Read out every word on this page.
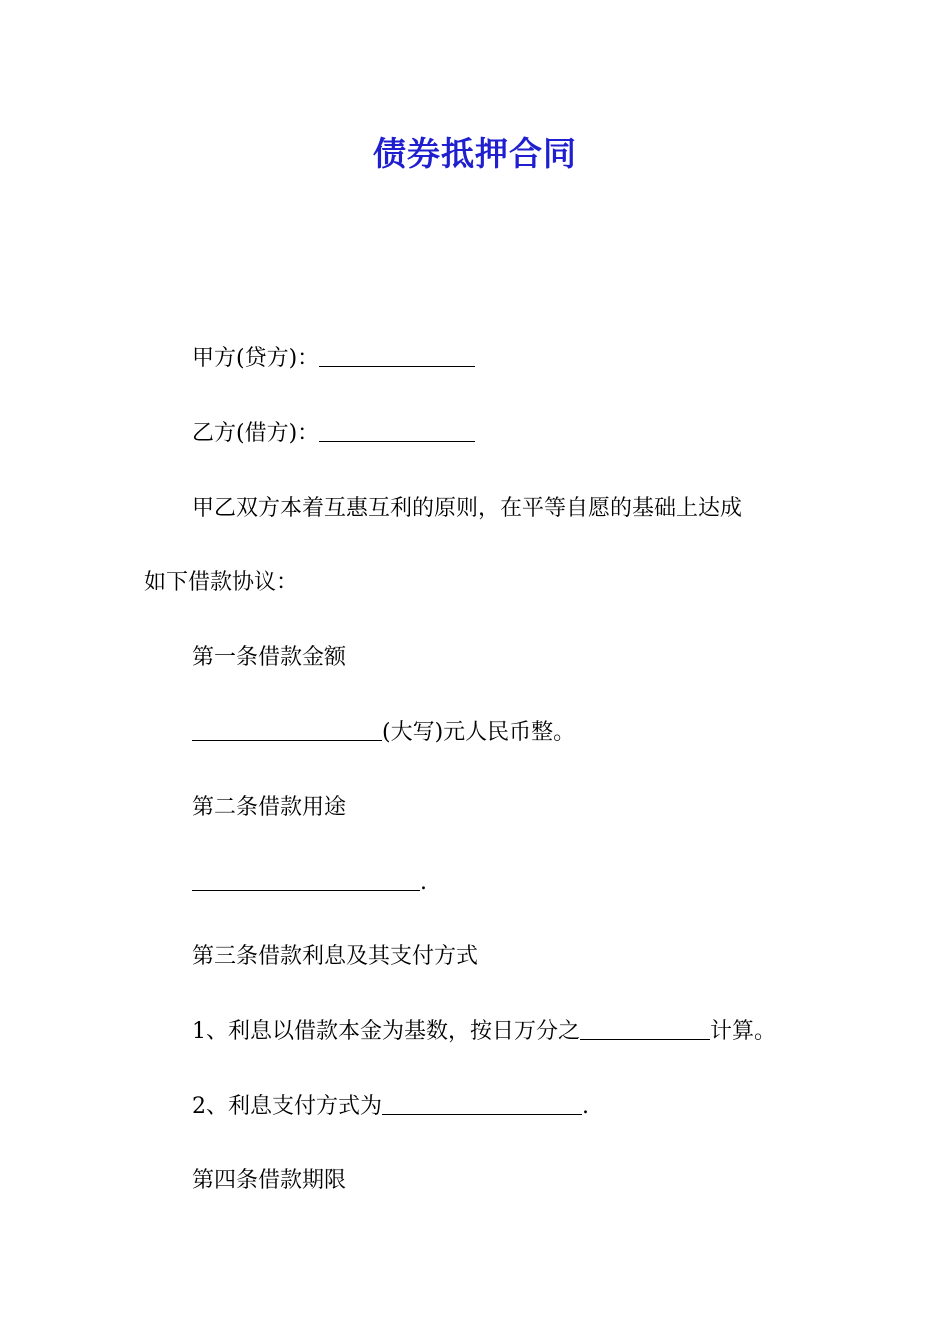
债券抵押合同
甲方(贷方)：
乙方(借方)：
甲乙双方本着互惠互利的原则，在平等自愿的基础上达成
如下借款协议：
第一条借款金额
(大写)元人民币整。
第二条借款用途
.
第三条借款利息及其支付方式
1、利息以借款本金为基数，按日万分之	计算。
2、利息支付方式为	.
第四条借款期限
